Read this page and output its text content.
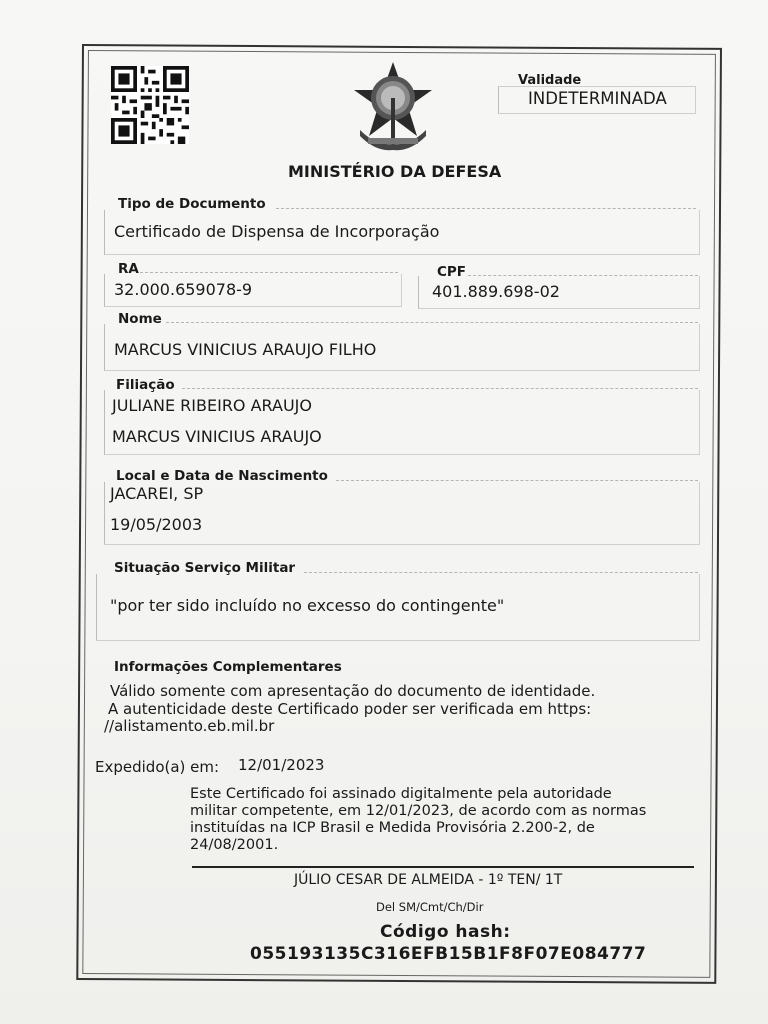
Validade
INDETERMINADA
MINISTÉRIO DA DEFESA
Tipo de Documento
Certificado de Dispensa de Incorporação
RA
32.000.659078-9
CPF
401.889.698-02
Nome
MARCUS VINICIUS ARAUJO FILHO
Filiação
JULIANE RIBEIRO ARAUJO
MARCUS VINICIUS ARAUJO
Local e Data de Nascimento
JACAREI, SP
19/05/2003
Situação Serviço Militar
"por ter sido incluído no excesso do contingente"
Informações Complementares
Válido somente com apresentação do documento de identidade.
A autenticidade deste Certificado poder ser verificada em https:
//alistamento.eb.mil.br
Expedido(a) em: 12/01/2023
Este Certificado foi assinado digitalmente pela autoridade
militar competente, em 12/01/2023, de acordo com as normas
instituídas na ICP Brasil e Medida Provisória 2.200-2, de
24/08/2001.
JÚLIO CESAR DE ALMEIDA - 1º TEN/ 1T
Del SM/Cmt/Ch/Dir
Código hash:
055193135C316EFB15B1F8F07E084777
